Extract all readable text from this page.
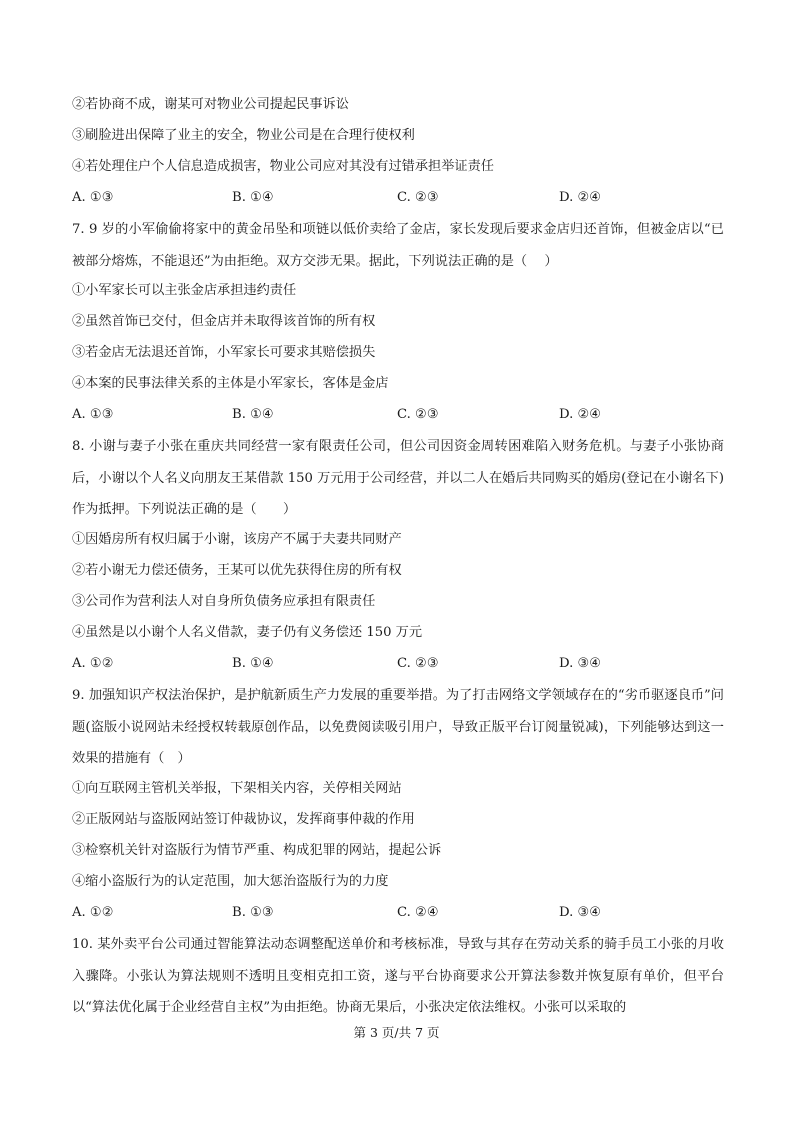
②若协商不成，谢某可对物业公司提起民事诉讼
③刷脸进出保障了业主的安全，物业公司是在合理行使权利
④若处理住户个人信息造成损害，物业公司应对其没有过错承担举证责任
A. ①③	B. ①④	C. ②③	D. ②④
7. 9 岁的小军偷偷将家中的黄金吊坠和项链以低价卖给了金店，家长发现后要求金店归还首饰，但被金店以“已被部分熔炼，不能退还”为由拒绝。双方交涉无果。据此，下列说法正确的是（　 ）
①小军家长可以主张金店承担违约责任
②虽然首饰已交付，但金店并未取得该首饰的所有权
③若金店无法退还首饰，小军家长可要求其赔偿损失
④本案的民事法律关系的主体是小军家长，客体是金店
A. ①③	B. ①④	C. ②③	D. ②④
8. 小谢与妻子小张在重庆共同经营一家有限责任公司，但公司因资金周转困难陷入财务危机。与妻子小张协商后，小谢以个人名义向朋友王某借款 150 万元用于公司经营，并以二人在婚后共同购买的婚房(登记在小谢名下)作为抵押。下列说法正确的是（　　）
①因婚房所有权归属于小谢，该房产不属于夫妻共同财产
②若小谢无力偿还债务，王某可以优先获得住房的所有权
③公司作为营利法人对自身所负债务应承担有限责任
④虽然是以小谢个人名义借款，妻子仍有义务偿还 150 万元
A. ①②	B. ①④	C. ②③	D. ③④
9. 加强知识产权法治保护，是护航新质生产力发展的重要举措。为了打击网络文学领域存在的“劣币驱逐良币”问题(盗版小说网站未经授权转载原创作品，以免费阅读吸引用户，导致正版平台订阅量锐减)，下列能够达到这一效果的措施有（　）
①向互联网主管机关举报，下架相关内容，关停相关网站
②正版网站与盗版网站签订仲裁协议，发挥商事仲裁的作用
③检察机关针对盗版行为情节严重、构成犯罪的网站，提起公诉
④缩小盗版行为的认定范围，加大惩治盗版行为的力度
A. ①②	B. ①③	C. ②④	D. ③④
10. 某外卖平台公司通过智能算法动态调整配送单价和考核标准，导致与其存在劳动关系的骑手员工小张的月收入骤降。小张认为算法规则不透明且变相克扣工资，遂与平台协商要求公开算法参数并恢复原有单价，但平台以“算法优化属于企业经营自主权”为由拒绝。协商无果后，小张决定依法维权。小张可以采取的
第 3 页/共 7 页
